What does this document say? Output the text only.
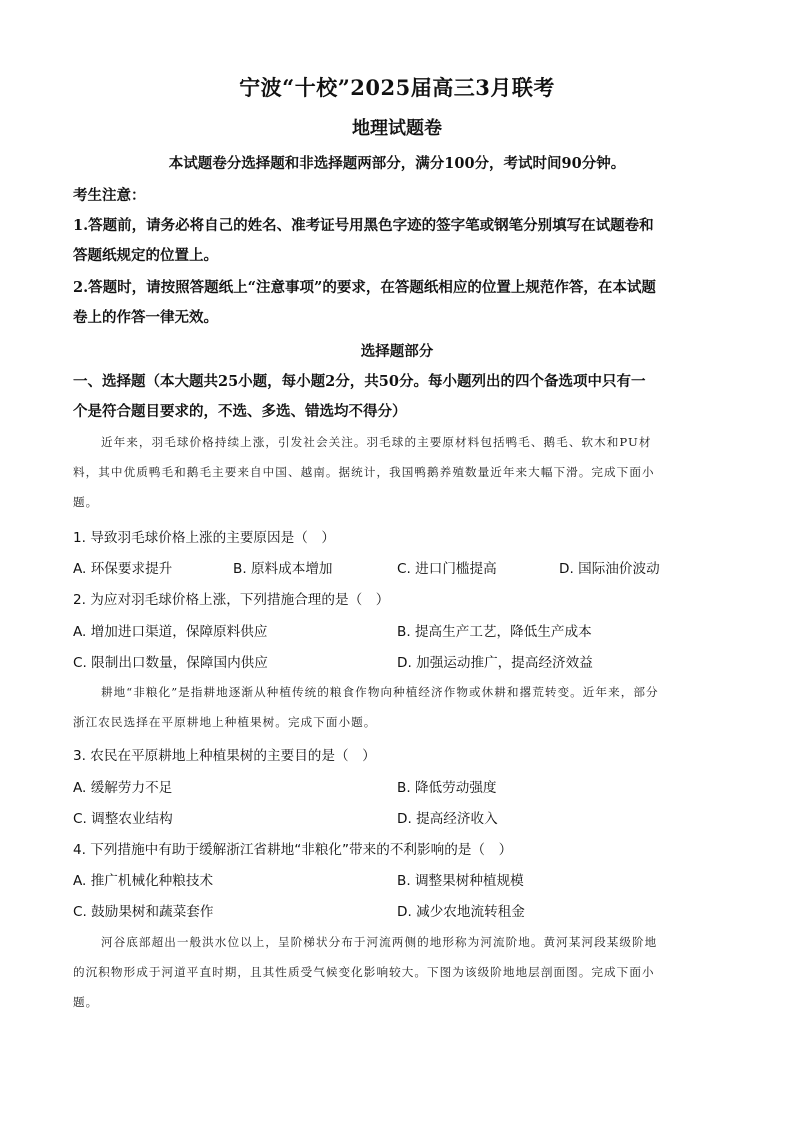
宁波“十校”2025届高三3月联考
地理试题卷

本试题卷分选择题和非选择题两部分，满分100分，考试时间90分钟。

考生注意：

1.答题前，请务必将自己的姓名、准考证号用黑色字迹的签字笔或钢笔分别填写在试题卷和

答题纸规定的位置上。

2.答题时，请按照答题纸上“注意事项”的要求，在答题纸相应的位置上规范作答，在本试题

卷上的作答一律无效。

选择题部分

一、选择题（本大题共25小题，每小题2分，共50分。每小题列出的四个备选项中只有一

个是符合题目要求的，不选、多选、错选均不得分）

近年来，羽毛球价格持续上涨，引发社会关注。羽毛球的主要原材料包括鸭毛、鹅毛、软木和PU材

料，其中优质鸭毛和鹅毛主要来自中国、越南。据统计，我国鸭鹅养殖数量近年来大幅下滑。完成下面小

题。

1. 导致羽毛球价格上涨的主要原因是（　）

A. 环保要求提升	B. 原料成本增加	C. 进口门槛提高	D. 国际油价波动

2. 为应对羽毛球价格上涨，下列措施合理的是（　）

A. 增加进口渠道，保障原料供应	B. 提高生产工艺，降低生产成本

C. 限制出口数量，保障国内供应	D. 加强运动推广，提高经济效益

耕地“非粮化”是指耕地逐渐从种植传统的粮食作物向种植经济作物或休耕和撂荒转变。近年来，部分

浙江农民选择在平原耕地上种植果树。完成下面小题。

3. 农民在平原耕地上种植果树的主要目的是（　）

A. 缓解劳力不足	B. 降低劳动强度

C. 调整农业结构	D. 提高经济收入

4. 下列措施中有助于缓解浙江省耕地“非粮化”带来的不利影响的是（　）

A. 推广机械化种粮技术	B. 调整果树种植规模

C. 鼓励果树和蔬菜套作	D. 减少农地流转租金

河谷底部超出一般洪水位以上，呈阶梯状分布于河流两侧的地形称为河流阶地。黄河某河段某级阶地

的沉积物形成于河道平直时期，且其性质受气候变化影响较大。下图为该级阶地地层剖面图。完成下面小

题。
